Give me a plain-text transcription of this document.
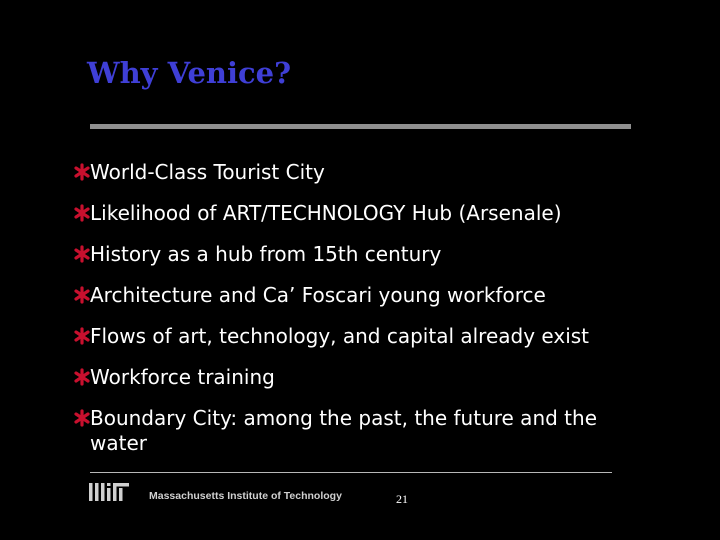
Why Venice?
World-Class Tourist City
Likelihood of ART/TECHNOLOGY Hub (Arsenale)
History as a hub from 15th century
Architecture and Ca’ Foscari young workforce
Flows of art, technology, and capital already exist
Workforce training
Boundary City: among the past, the future and the water
Massachusetts Institute of Technology	21
